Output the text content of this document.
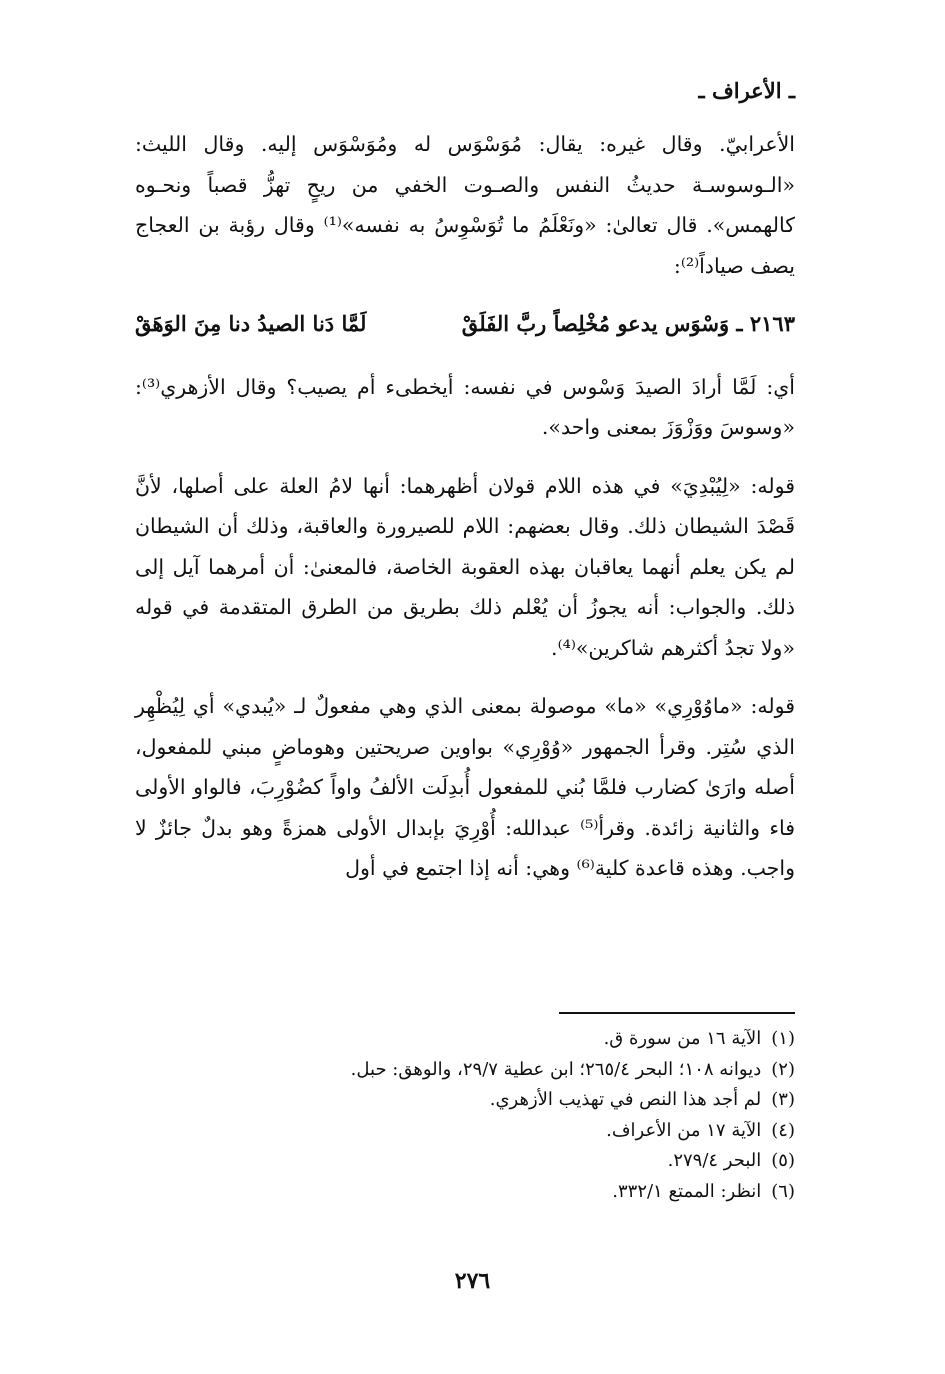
ـ الأعراف ـ

الأعرابيّ. وقال غيره: يقال: مُوَسْوَس له ومُوَسْوَس إليه. وقال الليث: «الـوسوسـة حديثُ النفس والصـوت الخفي من ريحٍ تهزُّ قصباً ونحـوه كالهمس». قال تعالىٰ: «ونَعْلَمُ ما تُوَسْوِسُ به نفسه»⁽¹⁾ وقال رؤبة بن العجاج يصف صياداً⁽²⁾:

٢١٦٣ ـ وَسْوَس يدعو مُخْلِصاً ربَّ الفَلَقْ
لَمَّا دَنا الصيدُ دنا مِنَ الوَهَقْ

أي: لَمَّا أرادَ الصيدَ وَسْوس في نفسه: أيخطىء أم يصيب؟ وقال الأزهري⁽³⁾: «وسوسَ ووَزْوَزَ بمعنى واحد».

قوله: «لِيُبْدِيَ» في هذه اللام قولان أظهرهما: أنها لامُ العلة على أصلها، لأنَّ قَصْدَ الشيطان ذلك. وقال بعضهم: اللام للصيرورة والعاقبة، وذلك أن الشيطان لم يكن يعلم أنهما يعاقبان بهذه العقوبة الخاصة، فالمعنىٰ: أن أمرهما آيل إلى ذلك. والجواب: أنه يجوزُ أن يُعْلم ذلك بطريق من الطرق المتقدمة في قوله «ولا تجدُ أكثرهم شاكرين»⁽⁴⁾.

قوله: «ماوُوْرِي» «ما» موصولة بمعنى الذي وهي مفعولٌ لـ «يُبدي» أي لِيُظْهِر الذي سُتِر. وقرأ الجمهور «وُوْرِي» بواوين صريحتين وهوماضٍ مبني للمفعول، أصله وارَىٰ كضارب فلمَّا بُني للمفعول أُبدِلَت الألفُ واواً كضُوْرِبَ، فالواو الأولى فاء والثانية زائدة. وقرأ⁽⁵⁾ عبدالله: أُوْرِيَ بإبدال الأولى همزةً وهو بدلٌ جائزٌ لا واجب. وهذه قاعدة كلية⁽⁶⁾ وهي: أنه إذا اجتمع في أول

(١)الآية ١٦ من سورة ق.
(٢)ديوانه ١٠٨؛ البحر ٢٦٥/٤؛ ابن عطية ٢٩/٧، والوهق: حبل.
(٣)لم أجد هذا النص في تهذيب الأزهري.
(٤)الآية ١٧ من الأعراف.
(٥)البحر ٢٧٩/٤.
(٦)انظر: الممتع ٣٣٢/١.
٢٧٦
